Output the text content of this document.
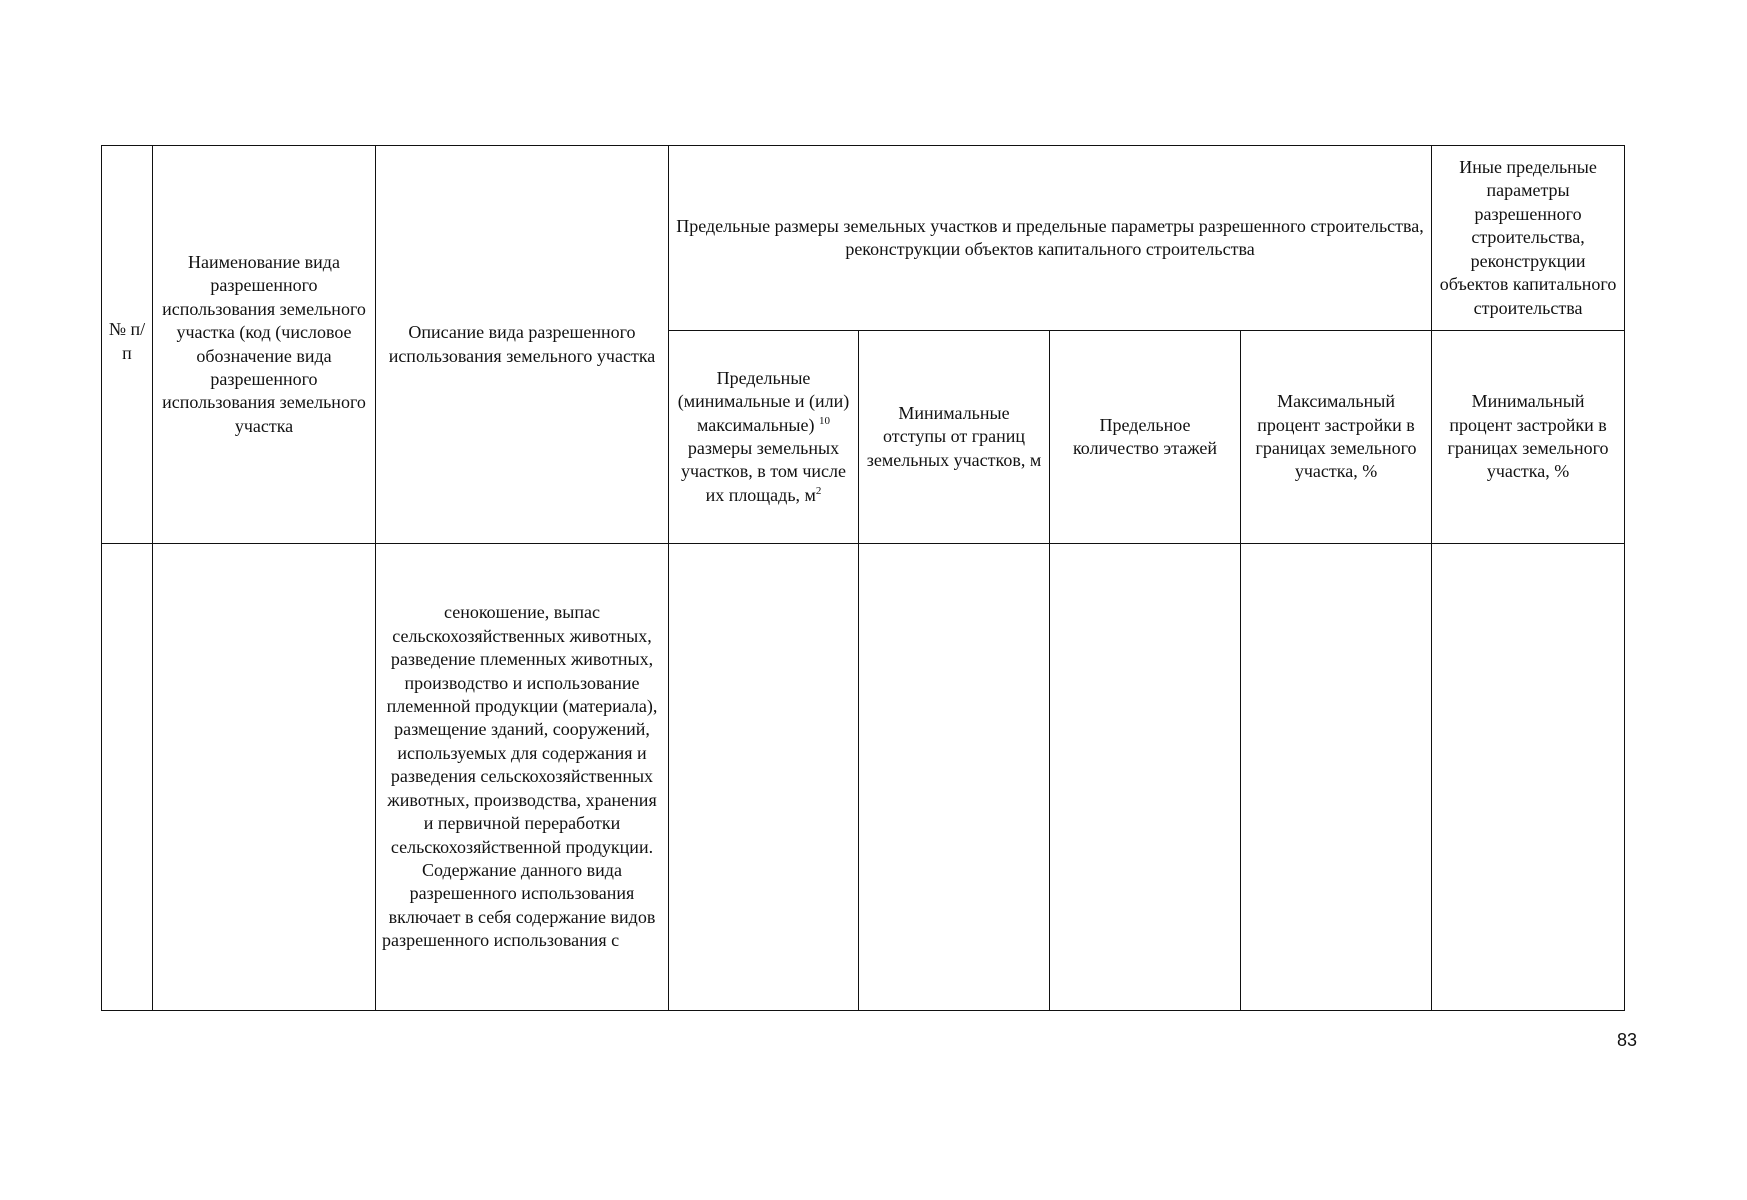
№ п/п	Наименование вида разрешенного использования земельного участка (код (числовое обозначение вида разрешенного использования земельного участка	Описание вида разрешенного использования земельного участка	Предельные размеры земельных участков и предельные параметры разрешенного строительства, реконструкции объектов капитального строительства				Иные предельные параметры разрешенного строительства, реконструкции объектов капитального строительства
			Предельные (минимальные и (или) максимальные) $^{10}$ размеры земельных участков, в том числе их площадь, $м^2$	Минимальные отступы от границ земельных участков, м	Предельное количество этажей	Максимальный процент застройки в границах земельного участка, %	Минимальный процент застройки в границах земельного участка, %
		сенокошение, выпас сельскохозяйственных животных, разведение племенных животных, производство и использование племенной продукции (материала), размещение зданий, сооружений, используемых для содержания и разведения сельскохозяйственных животных, производства, хранения и первичной переработки сельскохозяйственной продукции. Содержание данного вида разрешенного использования включает в себя содержание видов разрешенного использования с					
83
